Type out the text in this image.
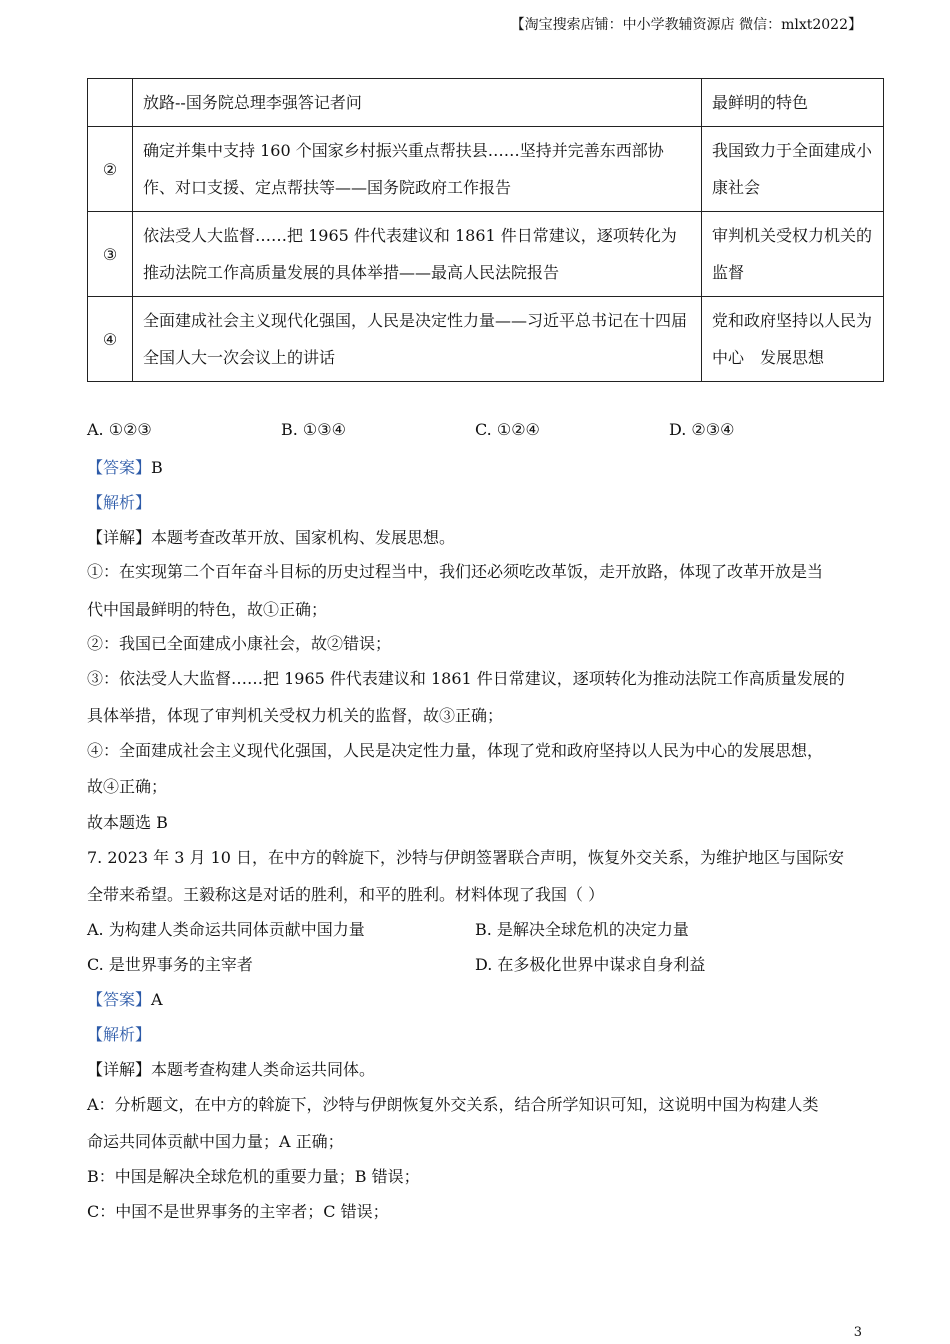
【淘宝搜索店铺：中小学教辅资源店 微信：mlxt2022】
	放路--国务院总理李强答记者问	最鲜明的特色
②	确定并集中支持 160 个国家乡村振兴重点帮扶县……坚持并完善东西部协作、对口支援、定点帮扶等——国务院政府工作报告	我国致力于全面建成小康社会
③	依法受人大监督……把 1965 件代表建议和 1861 件日常建议，逐项转化为推动法院工作高质量发展的具体举措——最高人民法院报告	审判机关受权力机关的监督
④	全面建成社会主义现代化强国，人民是决定性力量——习近平总书记在十四届全国人大一次会议上的讲话	党和政府坚持以人民为中心　发展思想
A. ①②③	B. ①③④	C. ①②④	D. ②③④
【答案】B
【解析】
【详解】本题考查改革开放、国家机构、发展思想。
①：在实现第二个百年奋斗目标的历史过程当中，我们还必须吃改革饭，走开放路，体现了改革开放是当
代中国最鲜明的特色，故①正确；
②：我国已全面建成小康社会，故②错误；
③：依法受人大监督……把 1965 件代表建议和 1861 件日常建议，逐项转化为推动法院工作高质量发展的
具体举措，体现了审判机关受权力机关的监督，故③正确；
④：全面建成社会主义现代化强国，人民是决定性力量，体现了党和政府坚持以人民为中心的发展思想，
故④正确；
故本题选 B
7. 2023 年 3 月 10 日，在中方的斡旋下，沙特与伊朗签署联合声明，恢复外交关系，为维护地区与国际安
全带来希望。王毅称这是对话的胜利，和平的胜利。材料体现了我国（ ）
A. 为构建人类命运共同体贡献中国力量	B. 是解决全球危机的决定力量
C. 是世界事务的主宰者	D. 在多极化世界中谋求自身利益
【答案】A
【解析】
【详解】本题考查构建人类命运共同体。
A：分析题文，在中方的斡旋下，沙特与伊朗恢复外交关系，结合所学知识可知，这说明中国为构建人类
命运共同体贡献中国力量；A 正确；
B：中国是解决全球危机的重要力量；B 错误；
C：中国不是世界事务的主宰者；C 错误；
3
